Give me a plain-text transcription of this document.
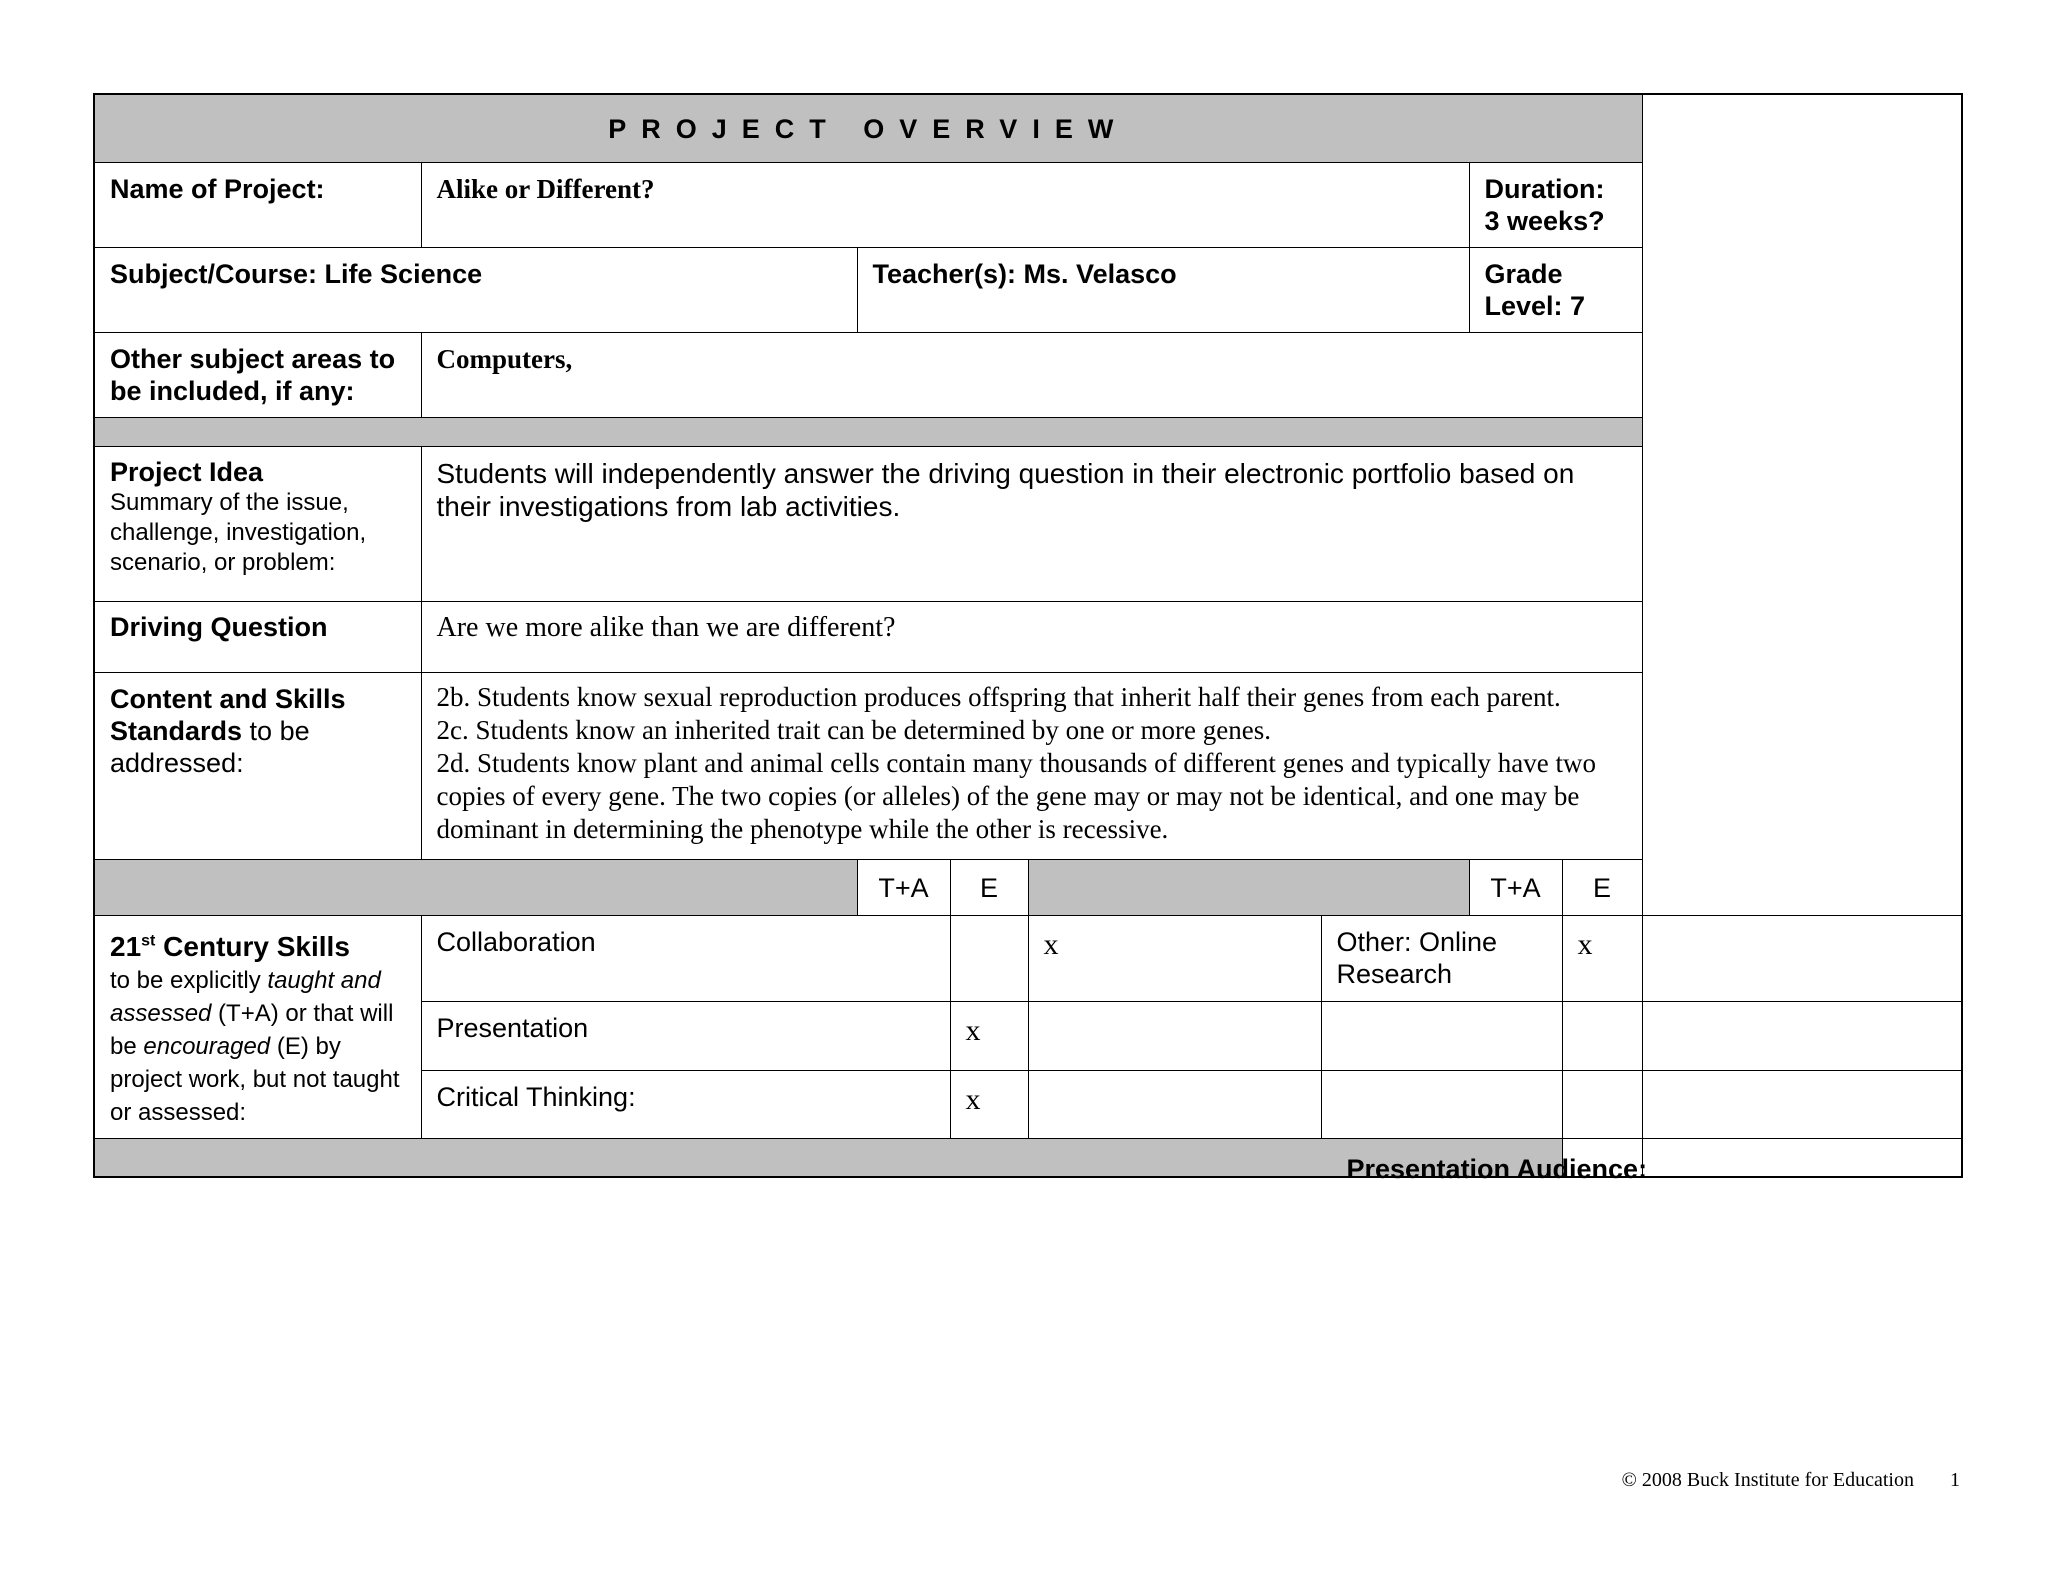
PROJECT OVERVIEW								
Name of Project:	Alike or Different?					Duration: 3 weeks?		
Subject/Course: Life Science		Teacher(s): Ms. Velasco				Grade Level: 7		
Other subject areas to be included, if any:	Computers,							

Project Idea
Summary of the issue, challenge, investigation, scenario, or problem:	Students will independently answer the driving question in their electronic portfolio based on their investigations from lab activities.							

Driving Question	Are we more alike than we are different?							
Content and Skills Standards to be addressed:	2b. Students know sexual reproduction produces offspring that inherit half their genes from each parent.
2c. Students know an inherited trait can be determined by one or more genes.
2d. Students know plant and animal cells contain many thousands of different genes and typically have two copies of every gene. The two copies (or alleles) of the gene may or may not be identical, and one may be dominant in determining the phenotype while the other is recessive.							

		T+A	E			T+A	E	
21st Century Skills
to be explicitly taught and assessed (T+A) or that will be encouraged (E) by project work, but not taught or assessed:	Collaboration			x	Other: Online Research		x	

	Presentation		x					

	Critical Thinking:		x					

							Presentation Audience:	
© 2008 Buck Institute for Education 1
